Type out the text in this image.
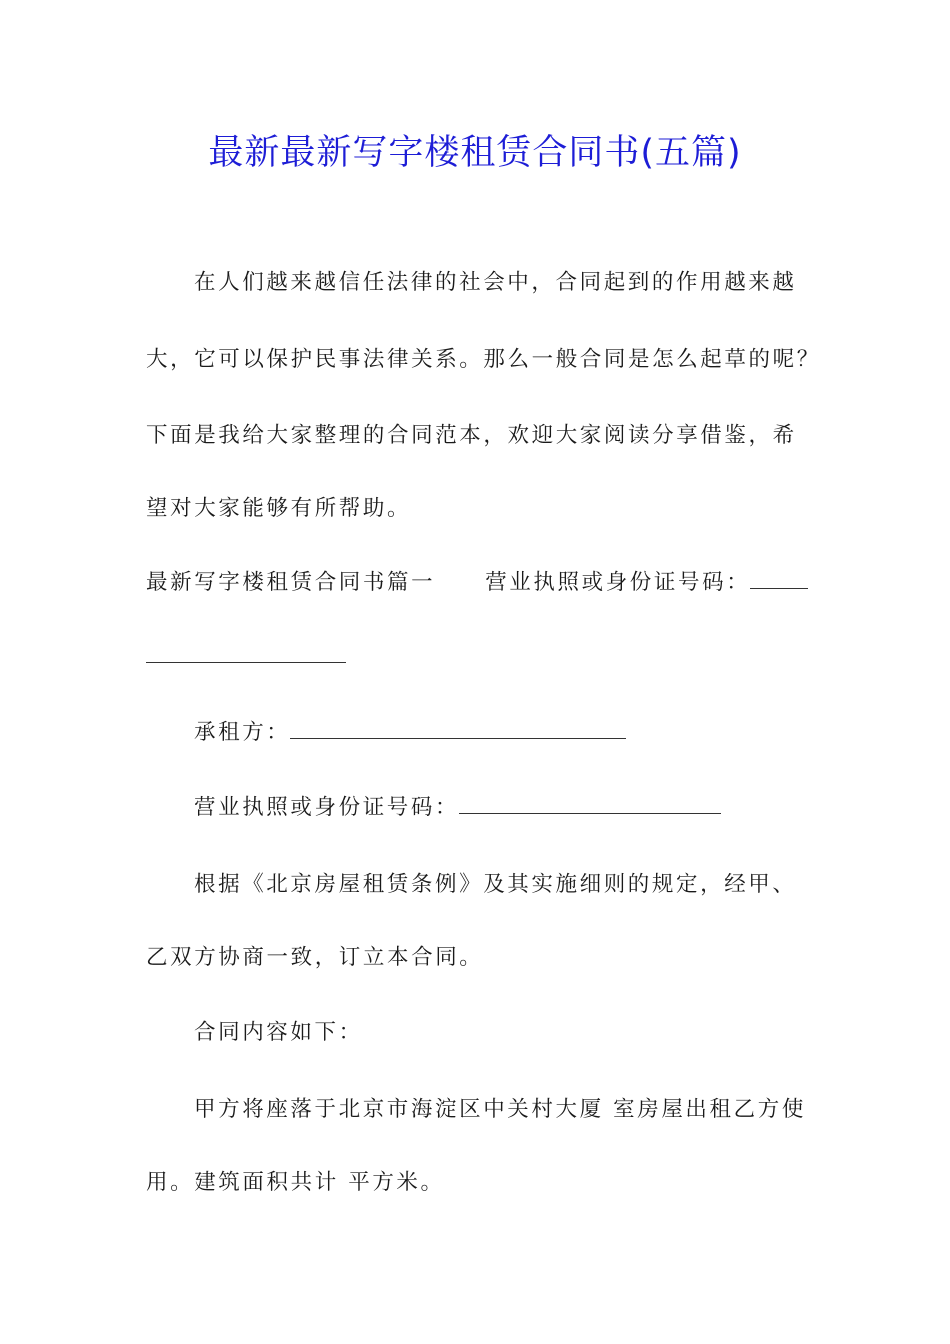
最新最新写字楼租赁合同书(五篇)
在人们越来越信任法律的社会中，合同起到的作用越来越
大，它可以保护民事法律关系。那么一般合同是怎么起草的呢？
下面是我给大家整理的合同范本，欢迎大家阅读分享借鉴，希
望对大家能够有所帮助。
最新写字楼租赁合同书篇一 营业执照或身份证号码：
承租方：
营业执照或身份证号码：
根据《北京房屋租赁条例》及其实施细则的规定，经甲、
乙双方协商一致，订立本合同。
合同内容如下：
甲方将座落于北京市海淀区中关村大厦 室房屋出租乙方使
用。建筑面积共计 平方米。
